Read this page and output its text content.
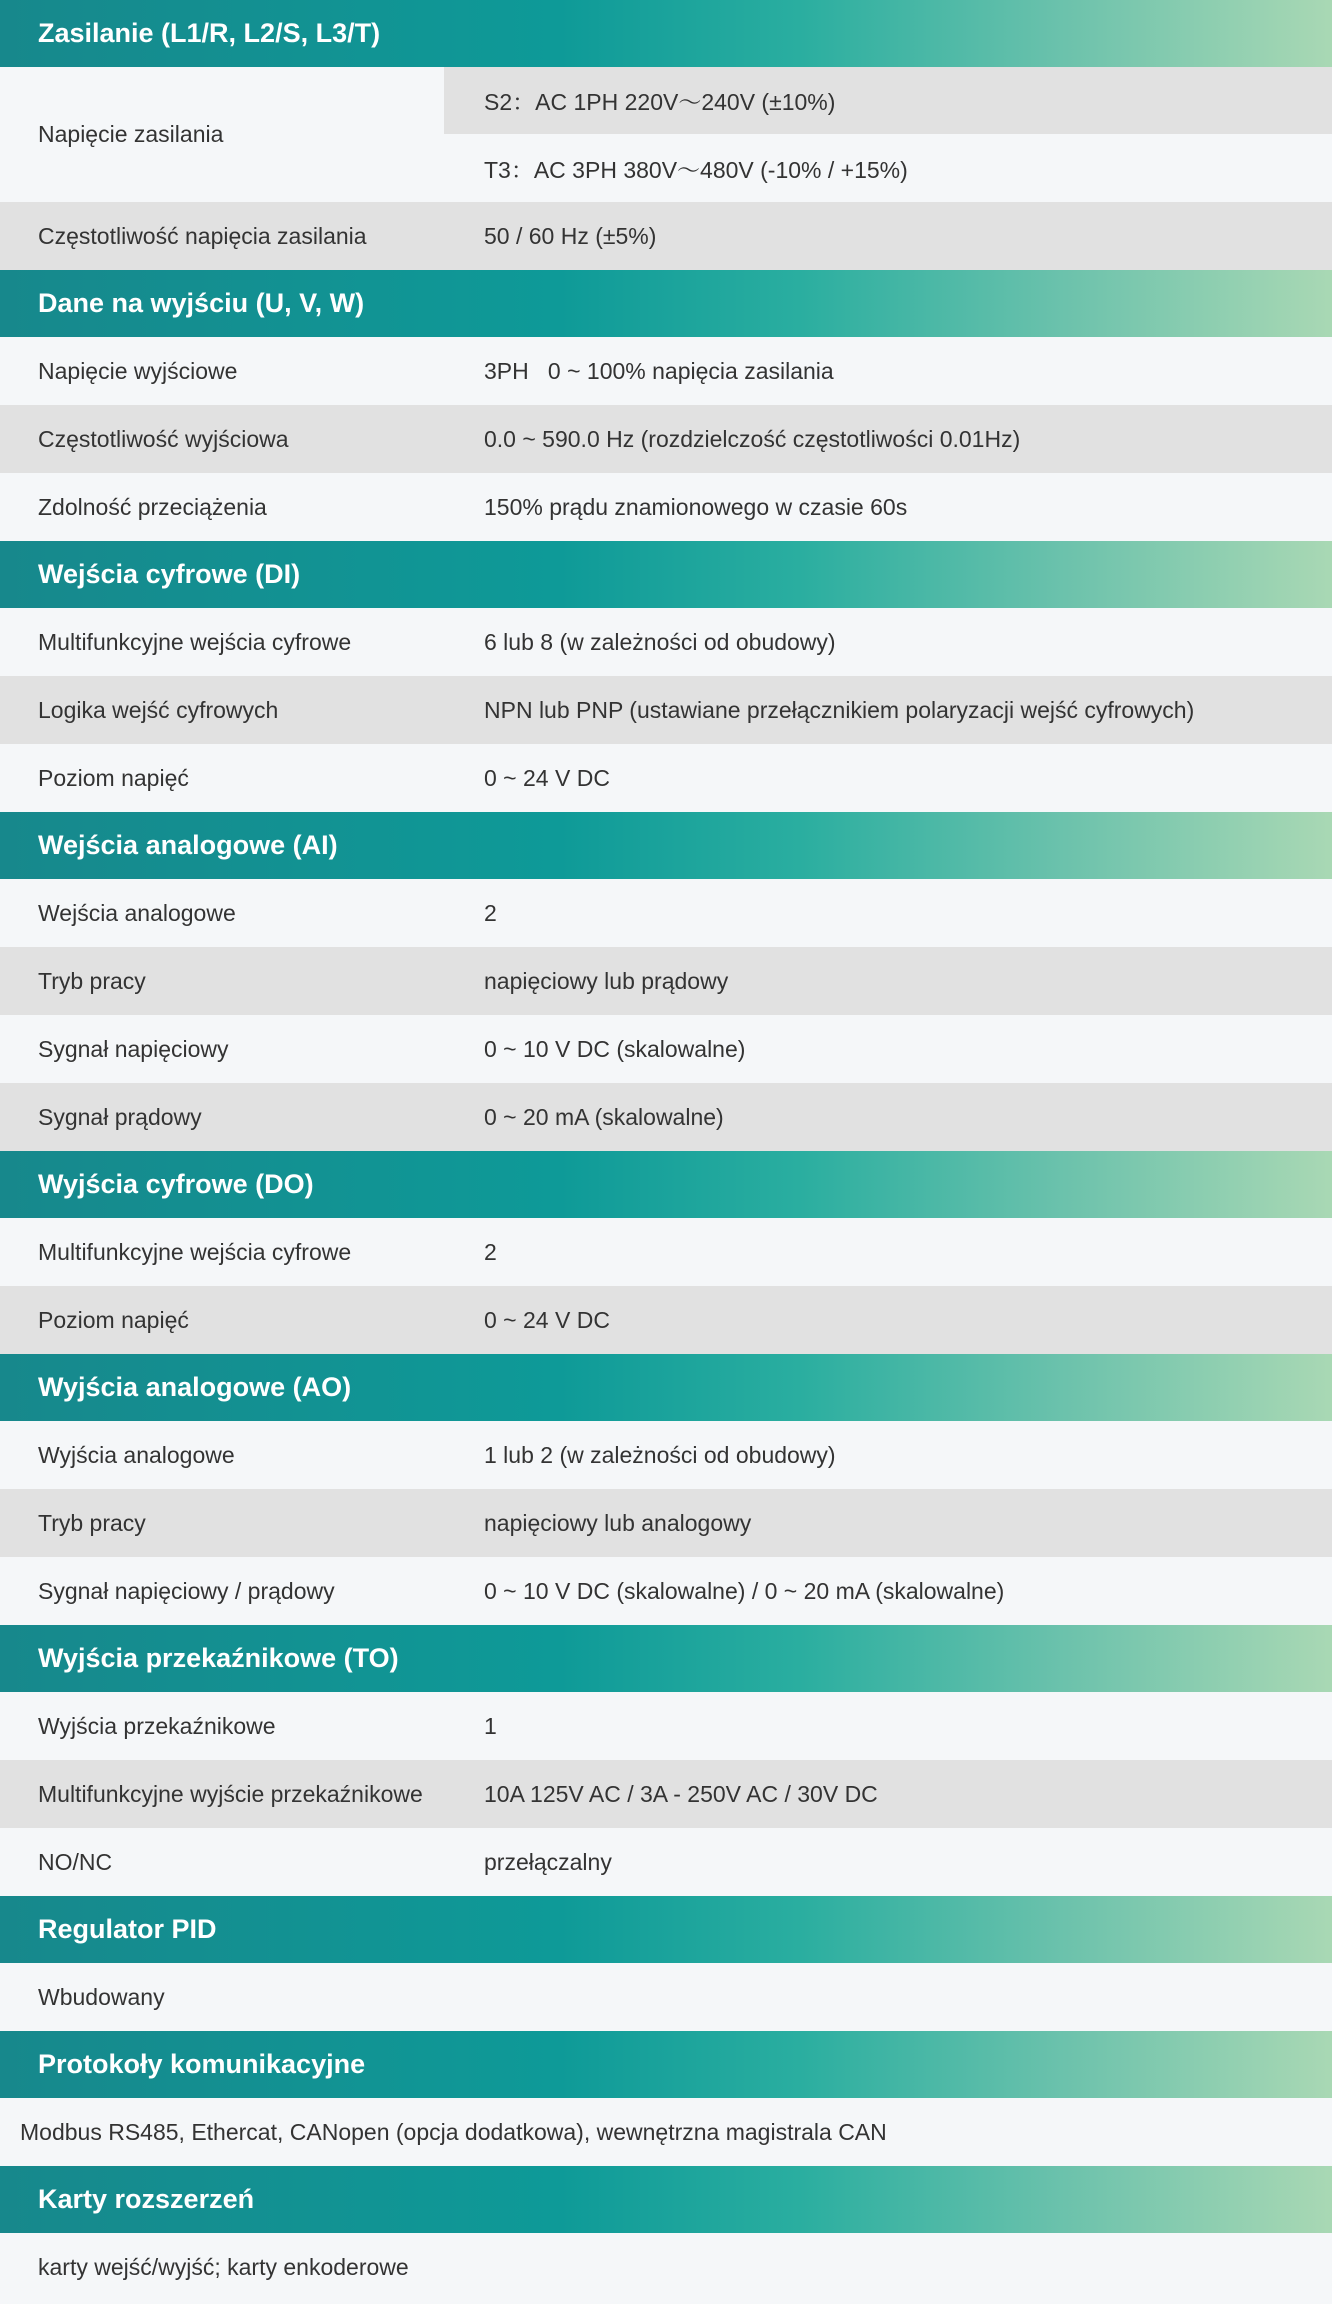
Zasilanie (L1/R, L2/S, L3/T)
Napięcie zasilania
S2：AC 1PH 220V～240V (±10%)
T3：AC 3PH 380V～480V (-10% / +15%)
Częstotliwość napięcia zasilania	50 / 60 Hz (±5%)
Dane na wyjściu (U, V, W)
Napięcie wyjściowe	3PH   0 ~ 100% napięcia zasilania
Częstotliwość wyjściowa	0.0 ~ 590.0 Hz (rozdzielczość częstotliwości 0.01Hz)
Zdolność przeciążenia	150% prądu znamionowego w czasie 60s
Wejścia cyfrowe (DI)
Multifunkcyjne wejścia cyfrowe	6 lub 8 (w zależności od obudowy)
Logika wejść cyfrowych	NPN lub PNP (ustawiane przełącznikiem polaryzacji wejść cyfrowych)
Poziom napięć	0 ~ 24 V DC
Wejścia analogowe (AI)
Wejścia analogowe	2
Tryb pracy	napięciowy lub prądowy
Sygnał napięciowy	0 ~ 10 V DC (skalowalne)
Sygnał prądowy	0 ~ 20 mA (skalowalne)
Wyjścia cyfrowe (DO)
Multifunkcyjne wejścia cyfrowe	2
Poziom napięć	0 ~ 24 V DC
Wyjścia analogowe (AO)
Wyjścia analogowe	1 lub 2 (w zależności od obudowy)
Tryb pracy	napięciowy lub analogowy
Sygnał napięciowy / prądowy	0 ~ 10 V DC (skalowalne) / 0 ~ 20 mA (skalowalne)
Wyjścia przekaźnikowe (TO)
Wyjścia przekaźnikowe	1
Multifunkcyjne wyjście przekaźnikowe	10A 125V AC / 3A - 250V AC / 30V DC
NO/NC	przełączalny
Regulator PID
Wbudowany
Protokoły komunikacyjne
Modbus RS485, Ethercat, CANopen (opcja dodatkowa), wewnętrzna magistrala CAN
Karty rozszerzeń
karty wejść/wyjść; karty enkoderowe
